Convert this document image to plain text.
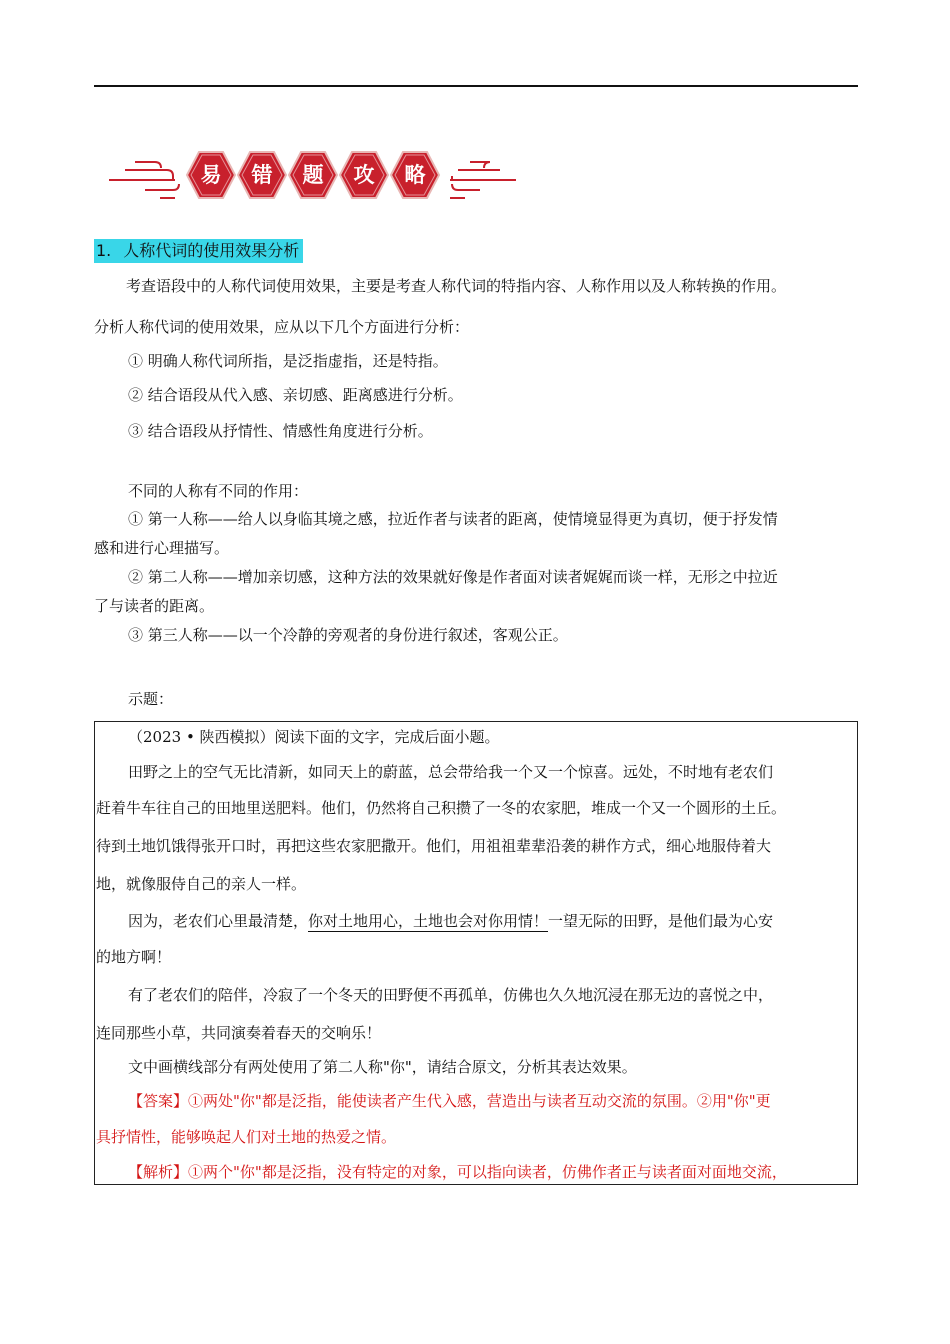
易	错	题	攻	略
1. 人称代词的使用效果分析
考查语段中的人称代词使用效果，主要是考查人称代词的特指内容、人称作用以及人称转换的作用。
分析人称代词的使用效果，应从以下几个方面进行分析：
① 明确人称代词所指，是泛指虚指，还是特指。
② 结合语段从代入感、亲切感、距离感进行分析。
③ 结合语段从抒情性、情感性角度进行分析。
不同的人称有不同的作用：
① 第一人称——给人以身临其境之感，拉近作者与读者的距离，使情境显得更为真切，便于抒发情
感和进行心理描写。
② 第二人称——增加亲切感，这种方法的效果就好像是作者面对读者娓娓而谈一样，无形之中拉近
了与读者的距离。
③ 第三人称——以一个冷静的旁观者的身份进行叙述，客观公正。
示题：
（2023 • 陕西模拟）阅读下面的文字，完成后面小题。
田野之上的空气无比清新，如同天上的蔚蓝，总会带给我一个又一个惊喜。远处，不时地有老农们
赶着牛车往自己的田地里送肥料。他们，仍然将自己积攒了一冬的农家肥，堆成一个又一个圆形的土丘。
待到土地饥饿得张开口时，再把这些农家肥撒开。他们，用祖祖辈辈沿袭的耕作方式，细心地服侍着大
地，就像服侍自己的亲人一样。
因为，老农们心里最清楚，你对土地用心，土地也会对你用情！一望无际的田野，是他们最为心安
的地方啊！
有了老农们的陪伴，冷寂了一个冬天的田野便不再孤单，仿佛也久久地沉浸在那无边的喜悦之中，
连同那些小草，共同演奏着春天的交响乐！
文中画横线部分有两处使用了第二人称"你"，请结合原文，分析其表达效果。
【答案】①两处"你"都是泛指，能使读者产生代入感，营造出与读者互动交流的氛围。②用"你"更
具抒情性，能够唤起人们对土地的热爱之情。
【解析】①两个"你"都是泛指，没有特定的对象，可以指向读者，仿佛作者正与读者面对面地交流，
